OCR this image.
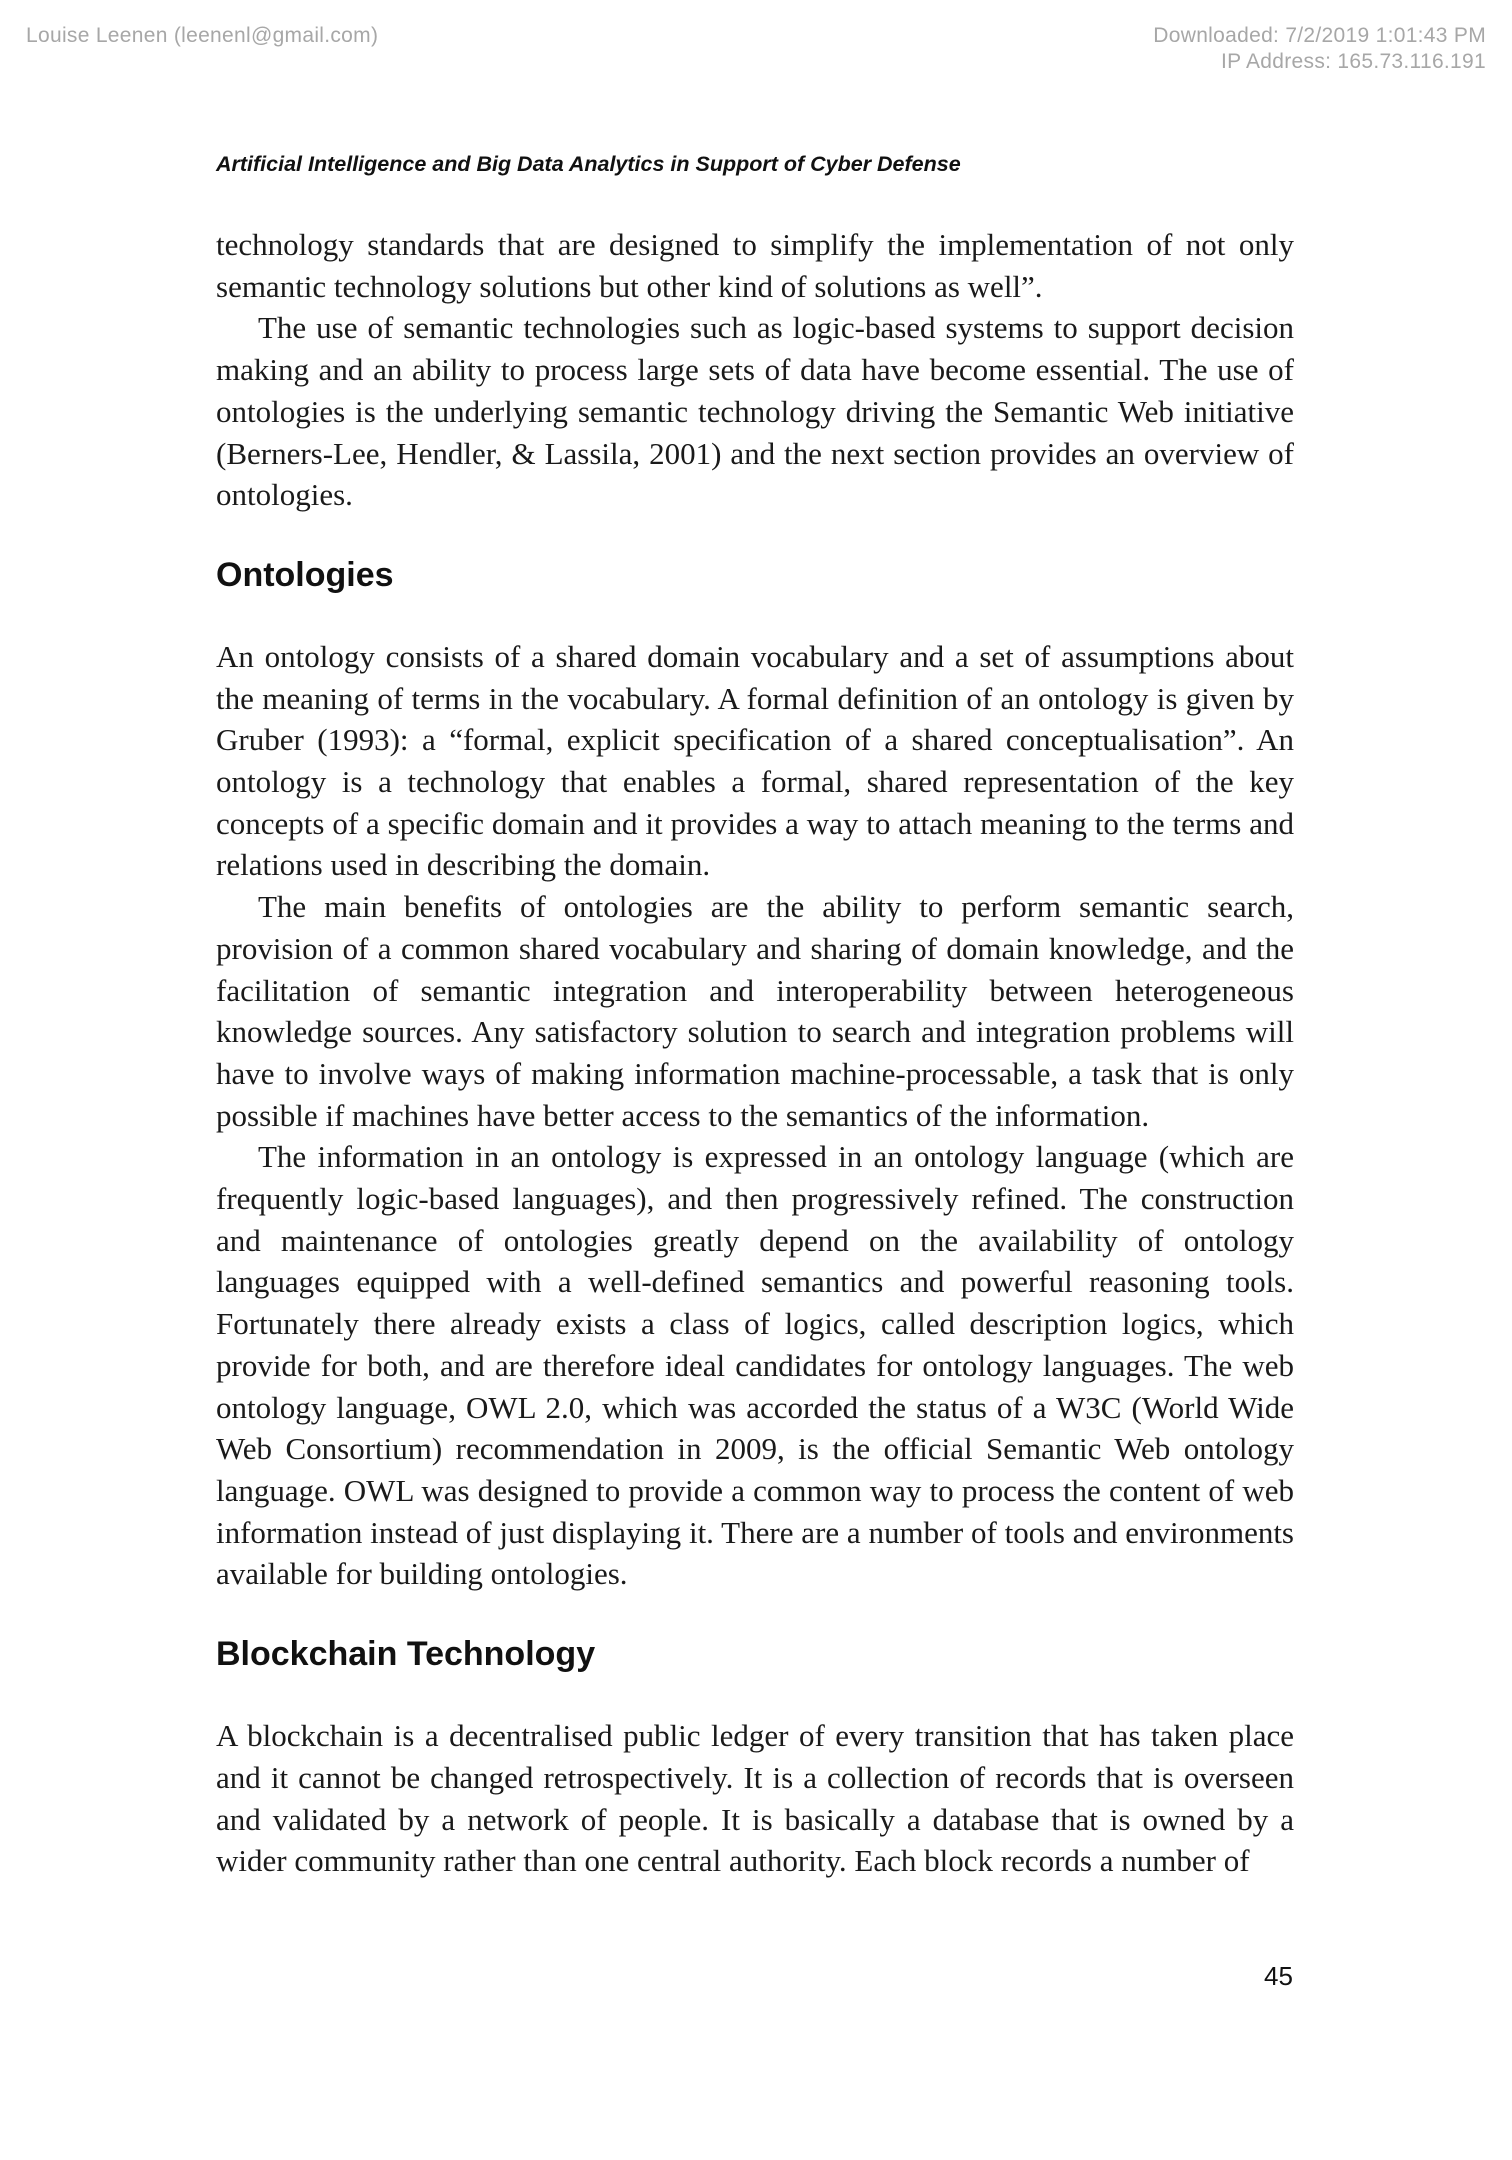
Louise Leenen (leenenl@gmail.com)	Downloaded: 7/2/2019 1:01:43 PM
IP Address: 165.73.116.191
Artificial Intelligence and Big Data Analytics in Support of Cyber Defense

technology standards that are designed to simplify the implementation of not only semantic technology solutions but other kind of solutions as well”.

The use of semantic technologies such as logic-based systems to support decision making and an ability to process large sets of data have become essential. The use of ontologies is the underlying semantic technology driving the Semantic Web initiative (Berners-Lee, Hendler, & Lassila, 2001) and the next section provides an overview of ontologies.

Ontologies

An ontology consists of a shared domain vocabulary and a set of assumptions about the meaning of terms in the vocabulary. A formal definition of an ontology is given by Gruber (1993): a “formal, explicit specification of a shared conceptualisation”. An ontology is a technology that enables a formal, shared representation of the key concepts of a specific domain and it provides a way to attach meaning to the terms and relations used in describing the domain.

The main benefits of ontologies are the ability to perform semantic search, provision of a common shared vocabulary and sharing of domain knowledge, and the facilitation of semantic integration and interoperability between heterogeneous knowledge sources. Any satisfactory solution to search and integration problems will have to involve ways of making information machine-processable, a task that is only possible if machines have better access to the semantics of the information.

The information in an ontology is expressed in an ontology language (which are frequently logic-based languages), and then progressively refined. The construction and maintenance of ontologies greatly depend on the availability of ontology languages equipped with a well-defined semantics and powerful reasoning tools. Fortunately there already exists a class of logics, called description logics, which provide for both, and are therefore ideal candidates for ontology languages. The web ontology language, OWL 2.0, which was accorded the status of a W3C (World Wide Web Consortium) recommendation in 2009, is the official Semantic Web ontology language. OWL was designed to provide a common way to process the content of web information instead of just displaying it. There are a number of tools and environments available for building ontologies.

Blockchain Technology

A blockchain is a decentralised public ledger of every transition that has taken place and it cannot be changed retrospectively. It is a collection of records that is overseen and validated by a network of people. It is basically a database that is owned by a wider community rather than one central authority. Each block records a number of

45
